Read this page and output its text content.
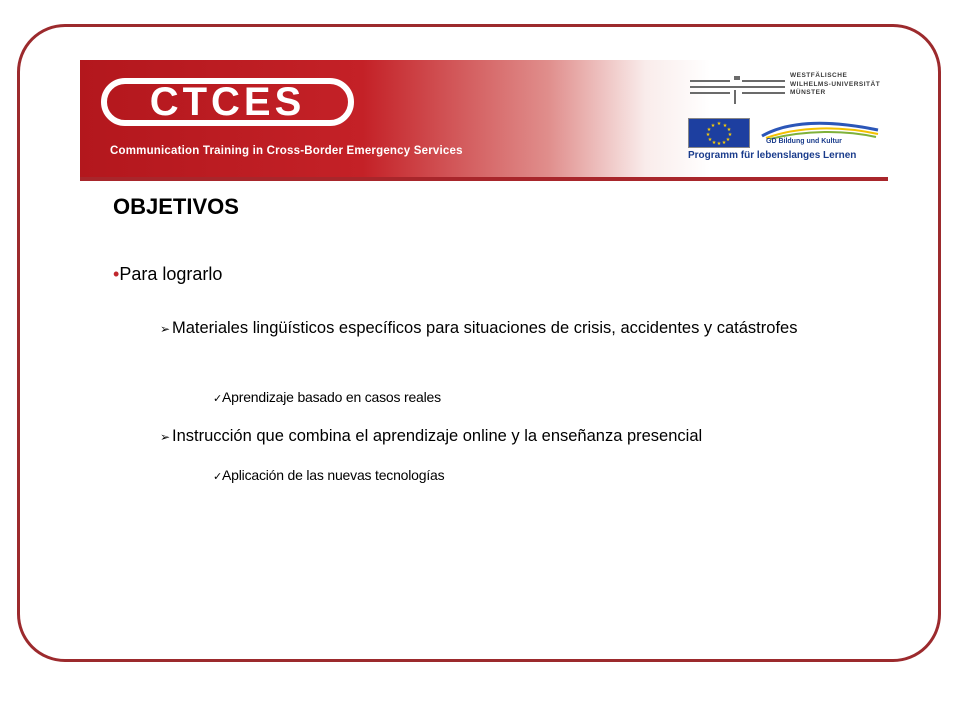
CTCES
Communication Training in Cross-Border Emergency Services
WESTFÄLISCHE
WILHELMS-UNIVERSITÄT
MÜNSTER
★ ★
★
★
★
★
★
★
★
★
★
★
GD Bildung und Kultur
Programm für lebenslanges Lernen
OBJETIVOS
•Para lograrlo
➢ Materiales lingüísticos específicos para situaciones de crisis, accidentes y catástrofes
✓Aprendizaje basado en casos reales
➢ Instrucción que combina el aprendizaje online y la enseñanza presencial
✓Aplicación de las nuevas tecnologías
